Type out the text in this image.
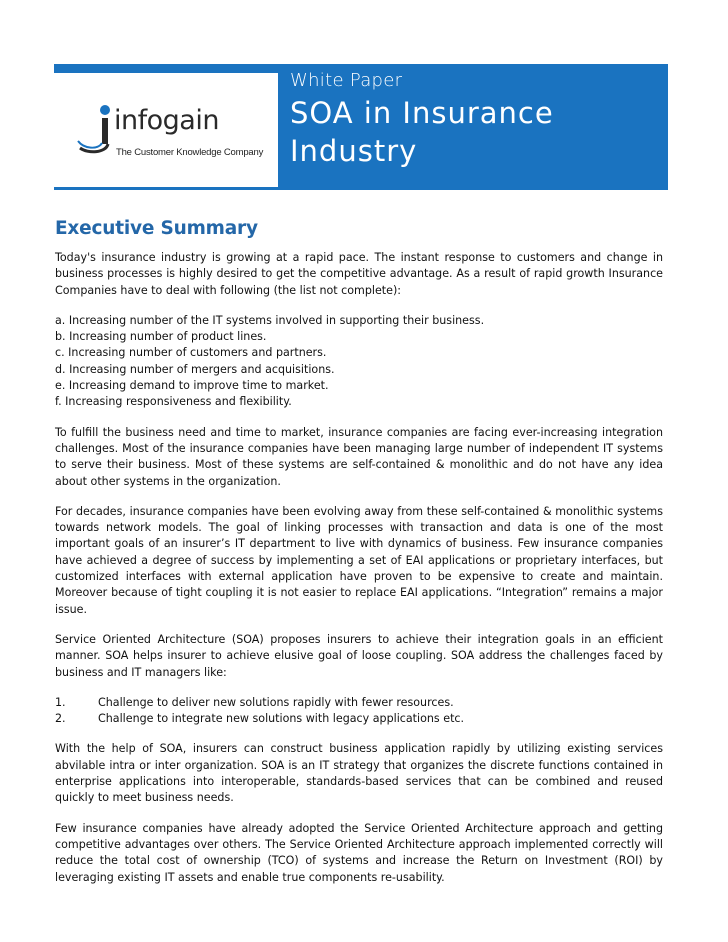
infogain
The Customer Knowledge Company
White Paper
SOA in Insurance
Industry
Executive Summary

Today's insurance industry is growing at a rapid pace. The instant response to customers and change in business processes is highly desired to get the competitive advantage. As a result of rapid growth Insurance Companies have to deal with following (the list not complete):

a. Increasing number of the IT systems involved in supporting their business.
b. Increasing number of product lines.
c. Increasing number of customers and partners.
d. Increasing number of mergers and acquisitions.
e. Increasing demand to improve time to market.
f. Increasing responsiveness and flexibility.

To fulfill the business need and time to market, insurance companies are facing ever-increasing integration challenges. Most of the insurance companies have been managing large number of independent IT systems to serve their business. Most of these systems are self-contained & monolithic and do not have any idea about other systems in the organization.

For decades, insurance companies have been evolving away from these self-contained & monolithic systems towards network models. The goal of linking processes with transaction and data is one of the most important goals of an insurer’s IT department to live with dynamics of business. Few insurance companies have achieved a degree of success by implementing a set of EAI applications or proprietary interfaces, but customized interfaces with external application have proven to be expensive to create and maintain. Moreover because of tight coupling it is not easier to replace EAI applications. “Integration” remains a major issue.

Service Oriented Architecture (SOA) proposes insurers to achieve their integration goals in an efficient manner. SOA helps insurer to achieve elusive goal of loose coupling. SOA address the challenges faced by business and IT managers like:

1.	Challenge to deliver new solutions rapidly with fewer resources.
2.	Challenge to integrate new solutions with legacy applications etc.

With the help of SOA, insurers can construct business application rapidly by utilizing existing services abvilable intra or inter organization. SOA is an IT strategy that organizes the discrete functions contained in enterprise applications into interoperable, standards-based services that can be combined and reused quickly to meet business needs.

Few insurance companies have already adopted the Service Oriented Architecture approach and getting competitive advantages over others. The Service Oriented Architecture approach implemented correctly will reduce the total cost of ownership (TCO) of systems and increase the Return on Investment (ROI) by leveraging existing IT assets and enable true components re-usability.
